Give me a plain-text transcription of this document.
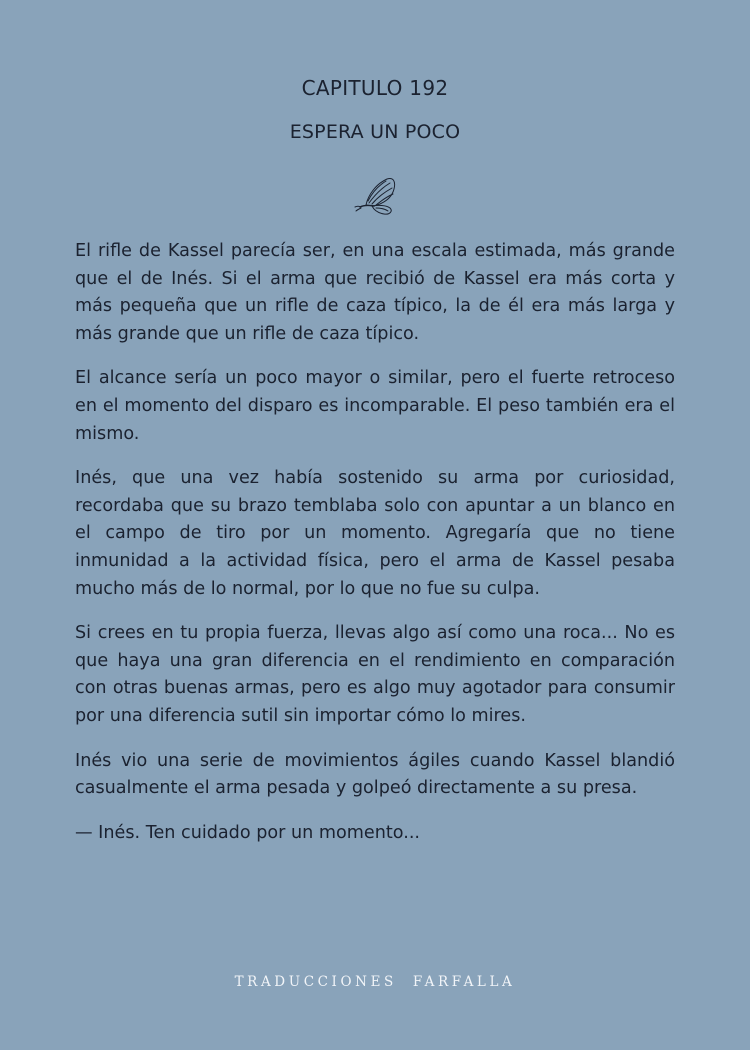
CAPITULO 192
ESPERA UN POCO

El rifle de Kassel parecía ser, en una escala estimada, más grande que el de Inés. Si el arma que recibió de Kassel era más corta y más pequeña que un rifle de caza típico, la de él era más larga y más grande que un rifle de caza típico.

El alcance sería un poco mayor o similar, pero el fuerte retroceso en el momento del disparo es incomparable. El peso también era el mismo.

Inés, que una vez había sostenido su arma por curiosidad, recordaba que su brazo temblaba solo con apuntar a un blanco en el campo de tiro por un momento. Agregaría que no tiene inmunidad a la actividad física, pero el arma de Kassel pesaba mucho más de lo normal, por lo que no fue su culpa.

Si crees en tu propia fuerza, llevas algo así como una roca... No es que haya una gran diferencia en el rendimiento en comparación con otras buenas armas, pero es algo muy agotador para consumir por una diferencia sutil sin importar cómo lo mires.

Inés vio una serie de movimientos ágiles cuando Kassel blandió casualmente el arma pesada y golpeó directamente a su presa.

— Inés. Ten cuidado por un momento...

TRADUCCIONES FARFALLA
